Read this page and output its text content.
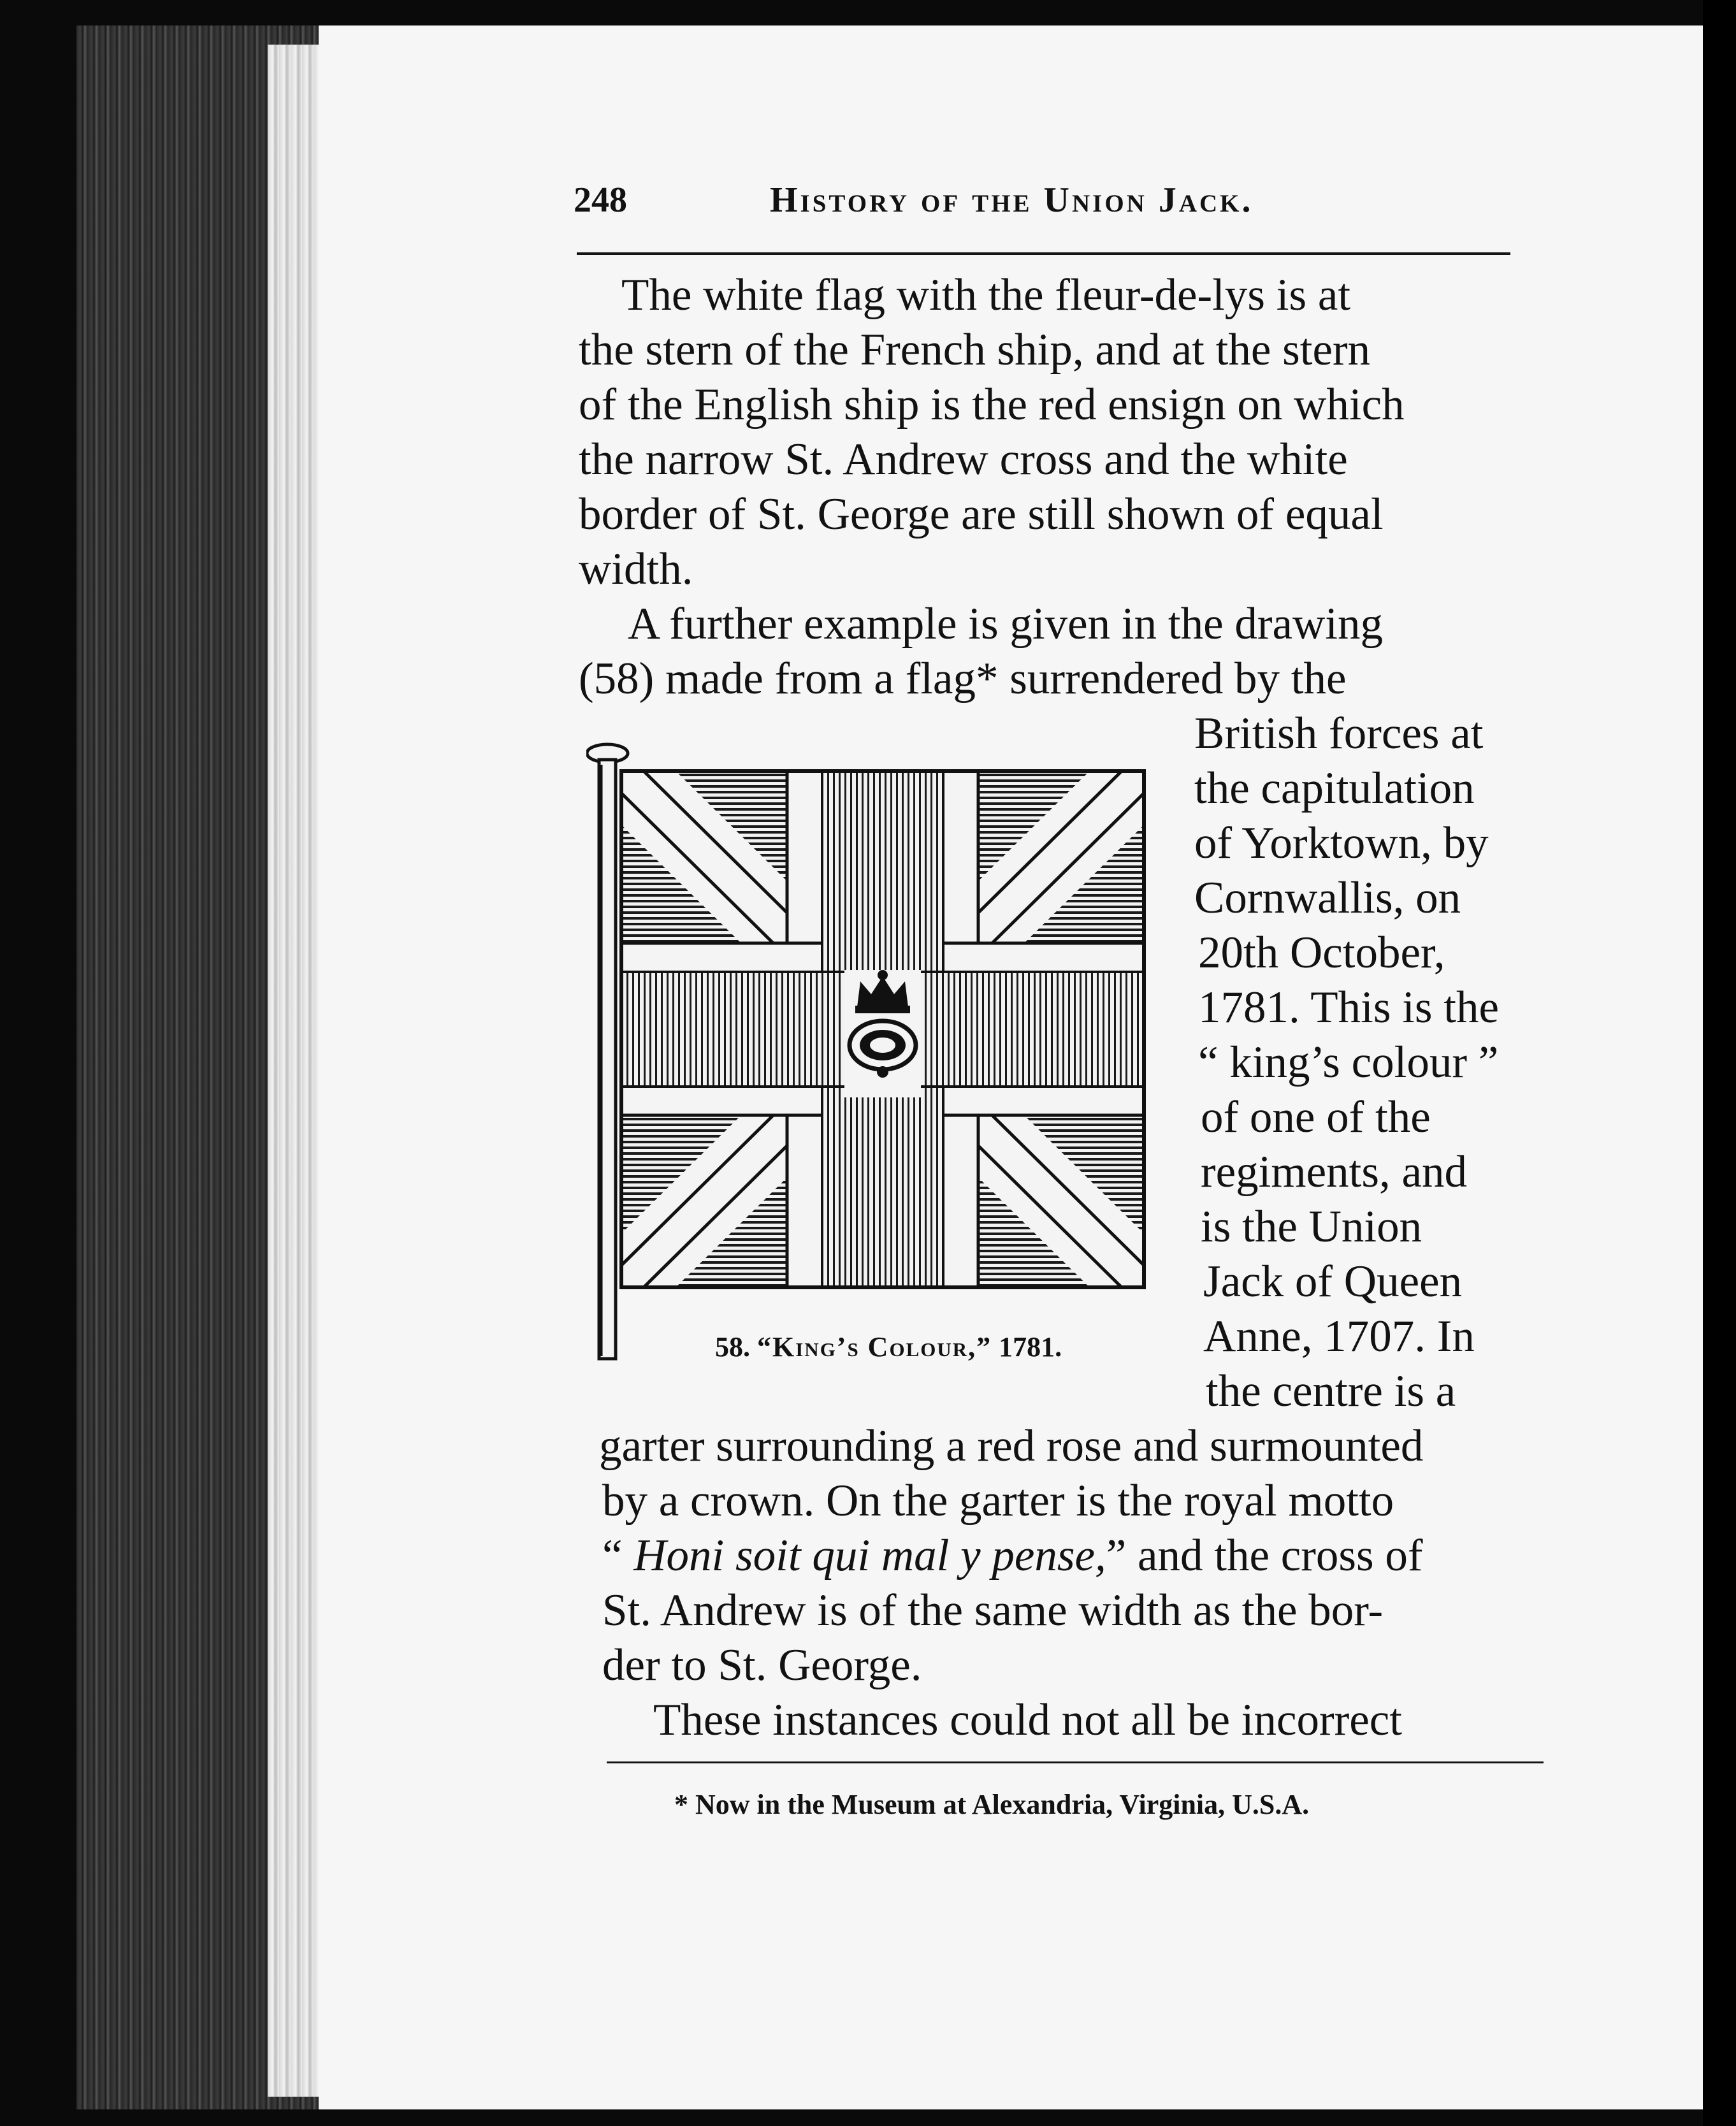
248	History of the Union Jack.
The white flag with the fleur-de-lys is at
the stern of the French ship, and at the stern
of the English ship is the red ensign on which
the narrow St. Andrew cross and the white
border of St. George are still shown of equal
width.
A further example is given in the drawing
(58) made from a flag* surrendered by the
British forces at
the capitulation
of Yorktown, by
Cornwallis, on
20th October,
1781. This is the
“ king’s colour ”
of one of the
regiments, and
is the Union
Jack of Queen
Anne, 1707. In
the centre is a
garter surrounding a red rose and surmounted
by a crown. On the garter is the royal motto
“ Honi soit qui mal y pense,” and the cross of
St. Andrew is of the same width as the bor-
der to St. George.
These instances could not all be incorrect
* Now in the Museum at Alexandria, Virginia, U.S.A.
58. “King’s Colour,” 1781.
